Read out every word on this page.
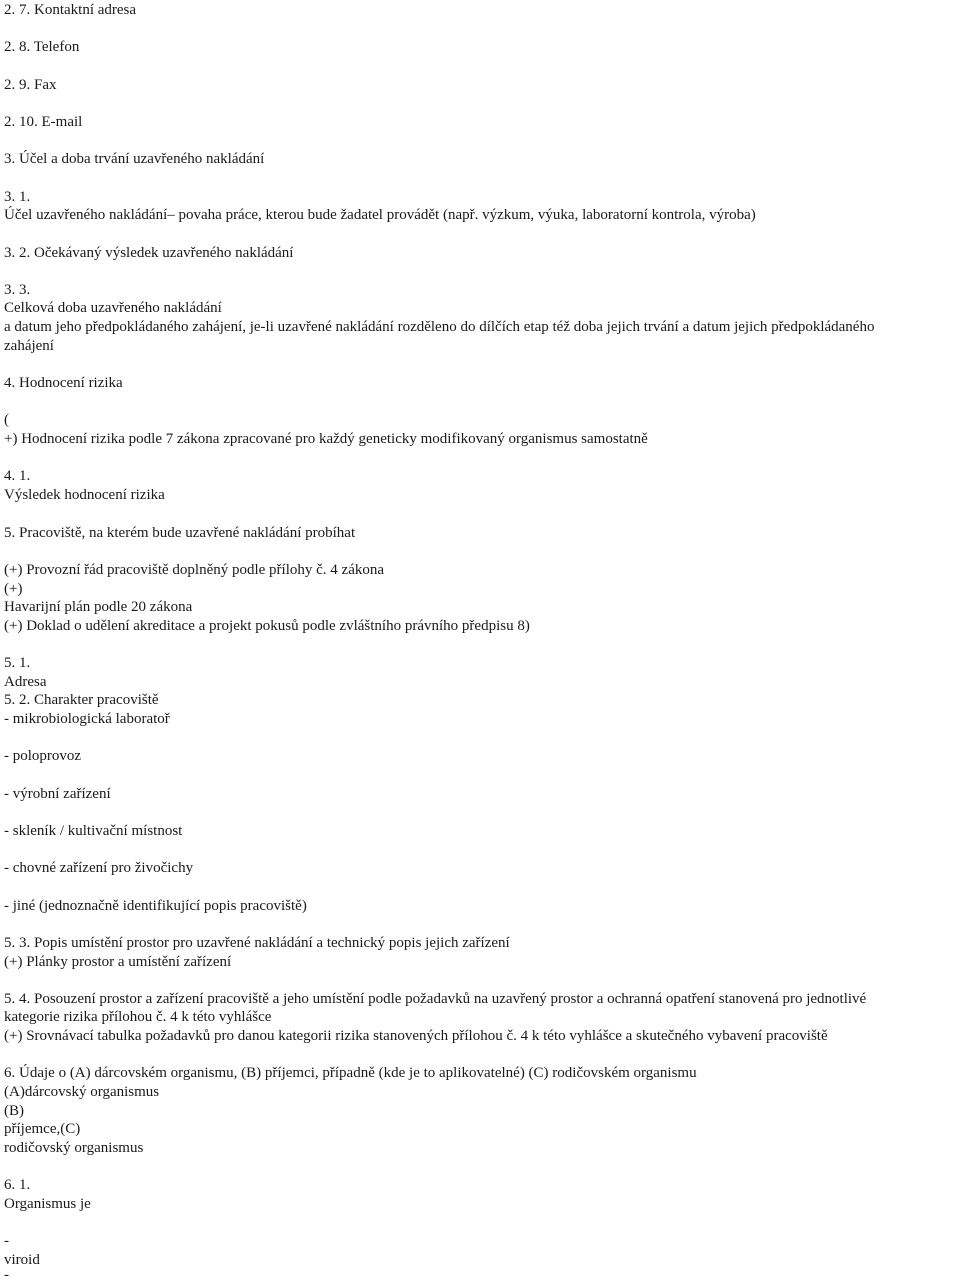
2. 7. Kontaktní adresa

2. 8. Telefon

2. 9. Fax

2. 10. E-mail

3. Účel a doba trvání uzavřeného nakládání

3. 1.

Účel uzavřeného nakládání– povaha práce, kterou bude žadatel provádět (např. výzkum, výuka, laboratorní kontrola, výroba)

3. 2. Očekávaný výsledek uzavřeného nakládání

3. 3.

Celková doba uzavřeného nakládání

a datum jeho předpokládaného zahájení, je-li uzavřené nakládání rozděleno do dílčích etap též doba jejich trvání a datum jejich předpokládaného

zahájení

4. Hodnocení rizika

(

+) Hodnocení rizika podle 7 zákona zpracované pro každý geneticky modifikovaný organismus samostatně

4. 1.

Výsledek hodnocení rizika

5. Pracoviště, na kterém bude uzavřené nakládání probíhat

(+) Provozní řád pracoviště doplněný podle přílohy č. 4 zákona

(+)

Havarijní plán podle 20 zákona

(+) Doklad o udělení akreditace a projekt pokusů podle zvláštního právního předpisu 8)

5. 1.

Adresa

5. 2. Charakter pracoviště

- mikrobiologická laboratoř

- poloprovoz

- výrobní zařízení

- skleník / kultivační místnost

- chovné zařízení pro živočichy

- jiné (jednoznačně identifikující popis pracoviště)

5. 3. Popis umístění prostor pro uzavřené nakládání a technický popis jejich zařízení

(+) Plánky prostor a umístění zařízení

5. 4. Posouzení prostor a zařízení pracoviště a jeho umístění podle požadavků na uzavřený prostor a ochranná opatření stanovená pro jednotlivé

kategorie rizika přílohou č. 4 k této vyhlášce

(+) Srovnávací tabulka požadavků pro danou kategorii rizika stanovených přílohou č. 4 k této vyhlášce a skutečného vybavení pracoviště

6. Údaje o (A) dárcovském organismu, (B) příjemci, případně (kde je to aplikovatelné) (C) rodičovském organismu

(A)dárcovský organismus

(B)

příjemce,(C)

rodičovský organismus

6. 1.

Organismus je

-

viroid

-
